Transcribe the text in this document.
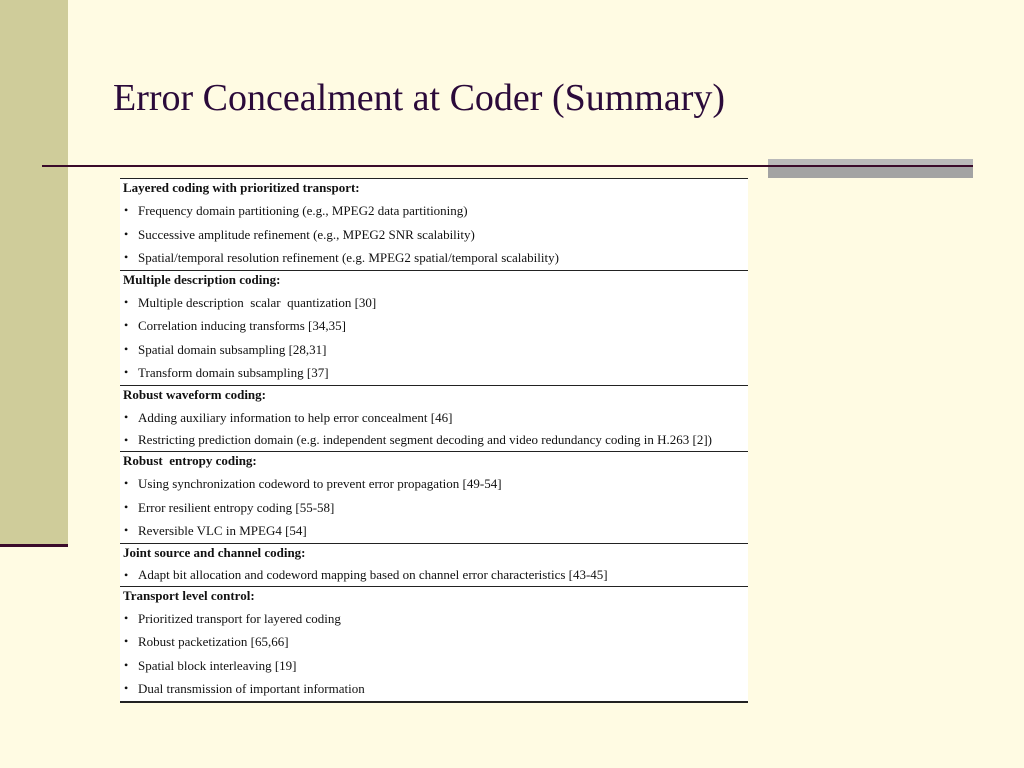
Error Concealment at Coder (Summary)
Layered coding with prioritized transport:
• Frequency domain partitioning (e.g., MPEG2 data partitioning)
• Successive amplitude refinement (e.g., MPEG2 SNR scalability)
• Spatial/temporal resolution refinement (e.g. MPEG2 spatial/temporal scalability)
Multiple description coding:
• Multiple description  scalar  quantization [30]
• Correlation inducing transforms [34,35]
• Spatial domain subsampling [28,31]
• Transform domain subsampling [37]
Robust waveform coding:
• Adding auxiliary information to help error concealment [46]
• Restricting prediction domain (e.g. independent segment decoding and video redundancy coding in H.263 [2])
Robust  entropy coding:
• Using synchronization codeword to prevent error propagation [49-54]
• Error resilient entropy coding [55-58]
• Reversible VLC in MPEG4 [54]
Joint source and channel coding:
• Adapt bit allocation and codeword mapping based on channel error characteristics [43-45]
Transport level control:
• Prioritized transport for layered coding
• Robust packetization [65,66]
• Spatial block interleaving [19]
• Dual transmission of important information
